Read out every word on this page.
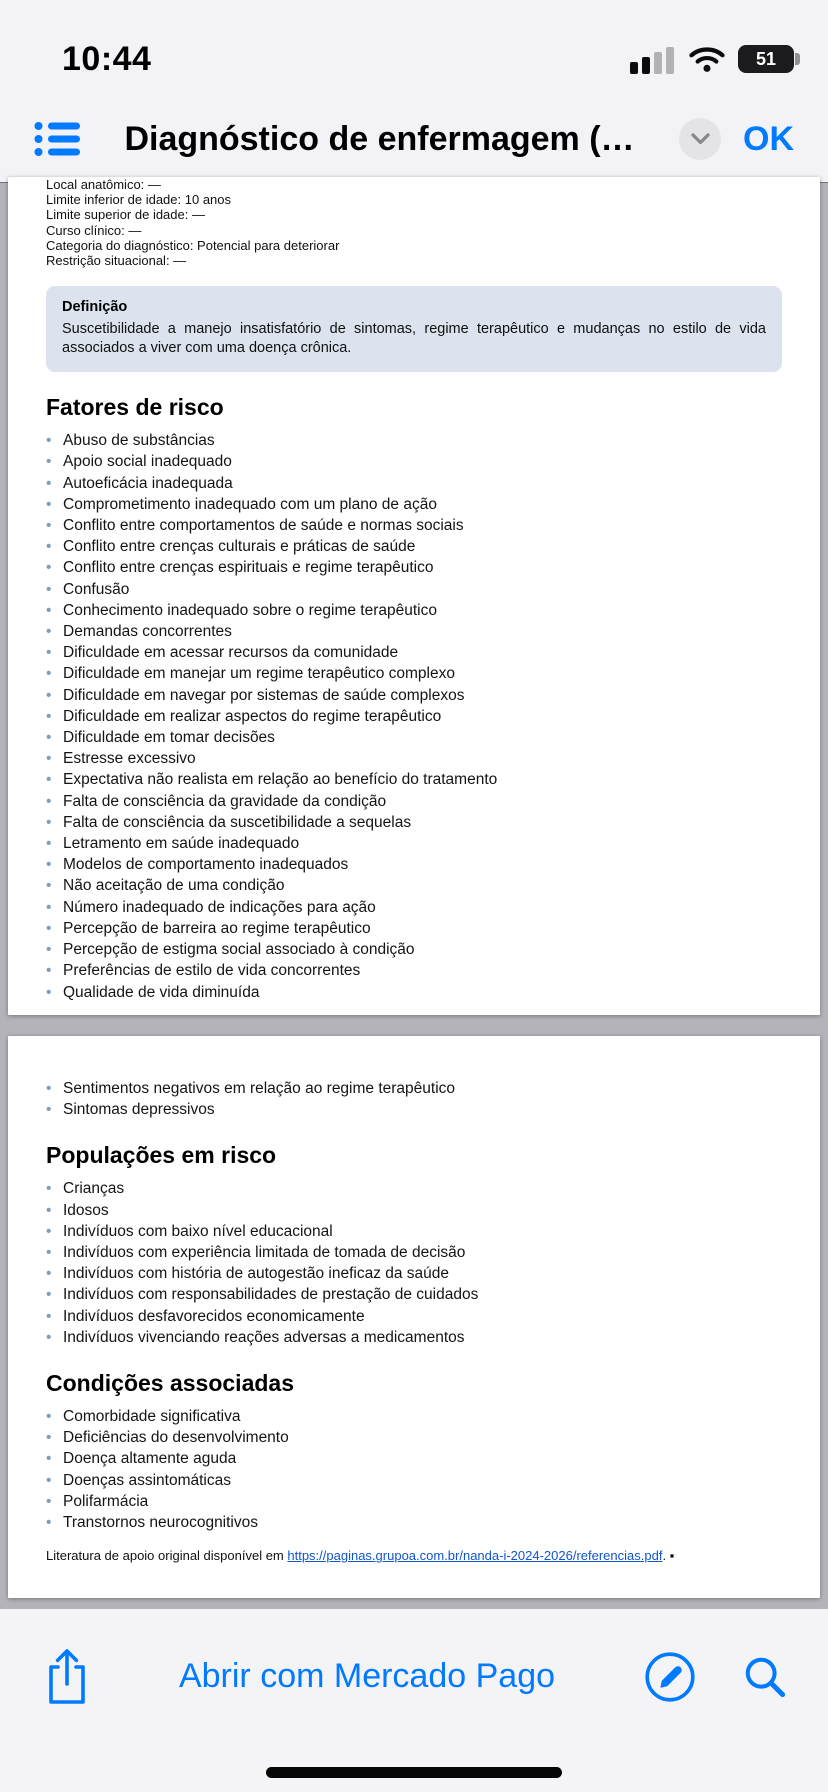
10:44	51
Diagnóstico de enfermagem (…	OK
Local anatômico: —
Limite inferior de idade: 10 anos
Limite superior de idade: —
Curso clínico: —
Categoria do diagnóstico: Potencial para deteriorar
Restrição situacional: —
Definição
Suscetibilidade a manejo insatisfatório de sintomas, regime terapêutico e mudanças no estilo de vida associados a viver com uma doença crônica.
Fatores de risco
•
Abuso de substâncias
•
Apoio social inadequado
•
Autoeficácia inadequada
•
Comprometimento inadequado com um plano de ação
•
Conflito entre comportamentos de saúde e normas sociais
•
Conflito entre crenças culturais e práticas de saúde
•
Conflito entre crenças espirituais e regime terapêutico
•
Confusão
•
Conhecimento inadequado sobre o regime terapêutico
•
Demandas concorrentes
•
Dificuldade em acessar recursos da comunidade
•
Dificuldade em manejar um regime terapêutico complexo
•
Dificuldade em navegar por sistemas de saúde complexos
•
Dificuldade em realizar aspectos do regime terapêutico
•
Dificuldade em tomar decisões
•
Estresse excessivo
•
Expectativa não realista em relação ao benefício do tratamento
•
Falta de consciência da gravidade da condição
•
Falta de consciência da suscetibilidade a sequelas
•
Letramento em saúde inadequado
•
Modelos de comportamento inadequados
•
Não aceitação de uma condição
•
Número inadequado de indicações para ação
•
Percepção de barreira ao regime terapêutico
•
Percepção de estigma social associado à condição
•
Preferências de estilo de vida concorrentes
•
Qualidade de vida diminuída
•
Sentimentos negativos em relação ao regime terapêutico
•
Sintomas depressivos
Populações em risco
•
Crianças
•
Idosos
•
Indivíduos com baixo nível educacional
•
Indivíduos com experiência limitada de tomada de decisão
•
Indivíduos com história de autogestão ineficaz da saúde
•
Indivíduos com responsabilidades de prestação de cuidados
•
Indivíduos desfavorecidos economicamente
•
Indivíduos vivenciando reações adversas a medicamentos
Condições associadas
•
Comorbidade significativa
•
Deficiências do desenvolvimento
•
Doença altamente aguda
•
Doenças assintomáticas
•
Polifarmácia
•
Transtornos neurocognitivos
Literatura de apoio original disponível em https://paginas.grupoa.com.br/nanda-i-2024-2026/referencias.pdf. ▪
Abrir com Mercado Pago
